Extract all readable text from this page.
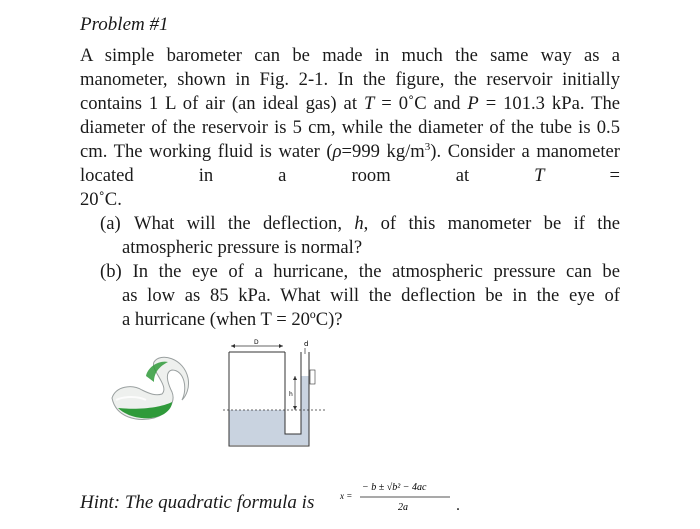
Problem #1

A simple barometer can be made in much the same way as a manometer, shown in Fig. 2-1. In the figure, the reservoir initially contains 1 L of air (an ideal gas) at T = 0˚C and P = 101.3 kPa. The diameter of the reservoir is 5 cm, while the diameter of the tube is 0.5 cm. The working fluid is water (ρ=999 $kg/m^3$). Consider a manometer located in a room at T =

20˚C.

(a) What will the deflection, h, of this manometer be if the

atmospheric pressure is normal?

(b) In the eye of a hurricane, the atmospheric pressure can be

as low as 85 kPa. What will the deflection be in the eye of

a hurricane (when T = 20ºC)?

D	d
h
Hint: The quadratic formula is	x =
− b ± √b² − 4ac
2a	.
